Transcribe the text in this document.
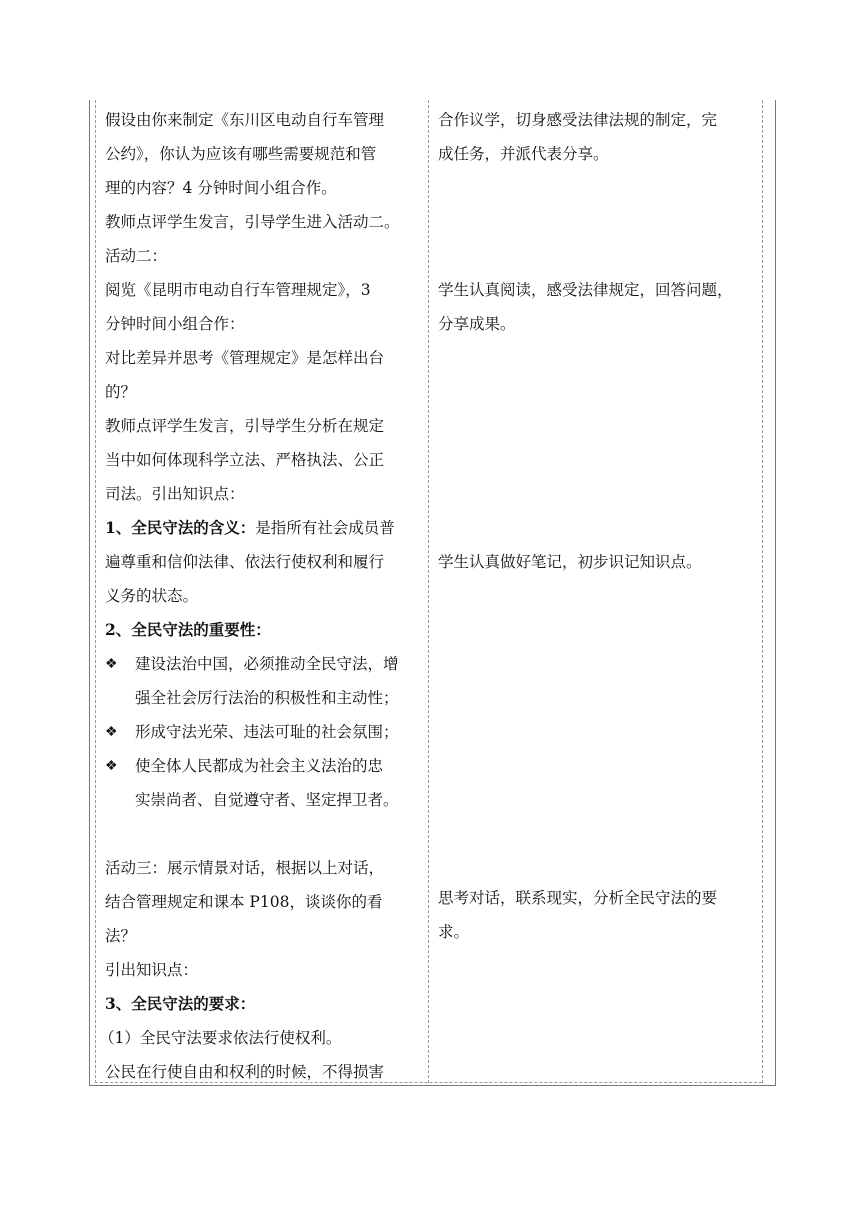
假设由你来制定《东川区电动自行车管理
公约》，你认为应该有哪些需要规范和管
理的内容？4 分钟时间小组合作。
教师点评学生发言，引导学生进入活动二。
活动二：
阅览《昆明市电动自行车管理规定》，3
分钟时间小组合作：
对比差异并思考《管理规定》是怎样出台
的？
教师点评学生发言，引导学生分析在规定
当中如何体现科学立法、严格执法、公正
司法。引出知识点：
1、全民守法的含义：是指所有社会成员普
遍尊重和信仰法律、依法行使权利和履行
义务的状态。
2、全民守法的重要性：
❖ 建设法治中国，必须推动全民守法，增
强全社会厉行法治的积极性和主动性；
❖ 形成守法光荣、违法可耻的社会氛围；
❖ 使全体人民都成为社会主义法治的忠
实崇尚者、自觉遵守者、坚定捍卫者。
活动三：展示情景对话，根据以上对话，
结合管理规定和课本 P108，谈谈你的看
法？
引出知识点：
3、全民守法的要求：
（1）全民守法要求依法行使权利。
公民在行使自由和权利的时候，不得损害
合作议学，切身感受法律法规的制定，完
成任务，并派代表分享。
学生认真阅读，感受法律规定，回答问题，
分享成果。
学生认真做好笔记，初步识记知识点。
思考对话，联系现实，分析全民守法的要
求。
